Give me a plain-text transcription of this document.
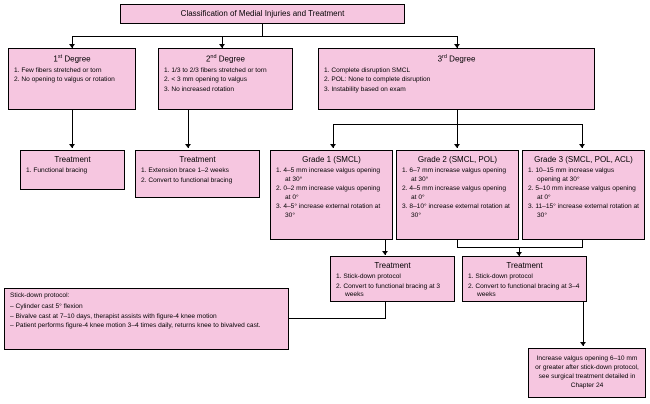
Classification of Medial Injuries and Treatment
1st Degree
1. Few fibers stretched or torn
2. No opening to valgus or rotation
2nd Degree
1. 1/3 to 2/3 fibers stretched or torn
2. < 3 mm opening to valgus
3. No increased rotation
3rd Degree
1. Complete disruption SMCL
2. POL: None to complete disruption
3. Instability based on exam
Treatment
1. Functional bracing
Treatment
1. Extension brace 1–2 weeks
2. Convert to functional bracing
Grade 1 (SMCL)
1. 4–5 mm increase valgus opening at 30°
2. 0–2 mm increase valgus opening at 0°
3. 4–5° increase external rotation at 30°
Grade 2 (SMCL, POL)
1. 6–7 mm increase valgus opening at 30°
2. 4–5 mm increase valgus opening at 0°
3. 8–10° increase external rotation at 30°
Grade 3 (SMCL, POL, ACL)
1. 10–15 mm increase valgus opening at 30°
2. 5–10 mm increase valgus opening at 0°
3. 11–15° increase external rotation at 30°
Treatment
1. Stick-down protocol
2. Convert to functional bracing at 3 weeks
Treatment
1. Stick-down protocol
2. Convert to functional bracing at 3–4 weeks
Stick-down protocol:
– Cylinder cast 5° flexion
– Bivalve cast at 7–10 days, therapist assists with figure-4 knee motion
– Patient performs figure-4 knee motion 3–4 times daily, returns knee to bivalved cast.
Increase valgus opening 6–10 mm or greater after stick-down protocol, see surgical treatment detailed in Chapter 24
